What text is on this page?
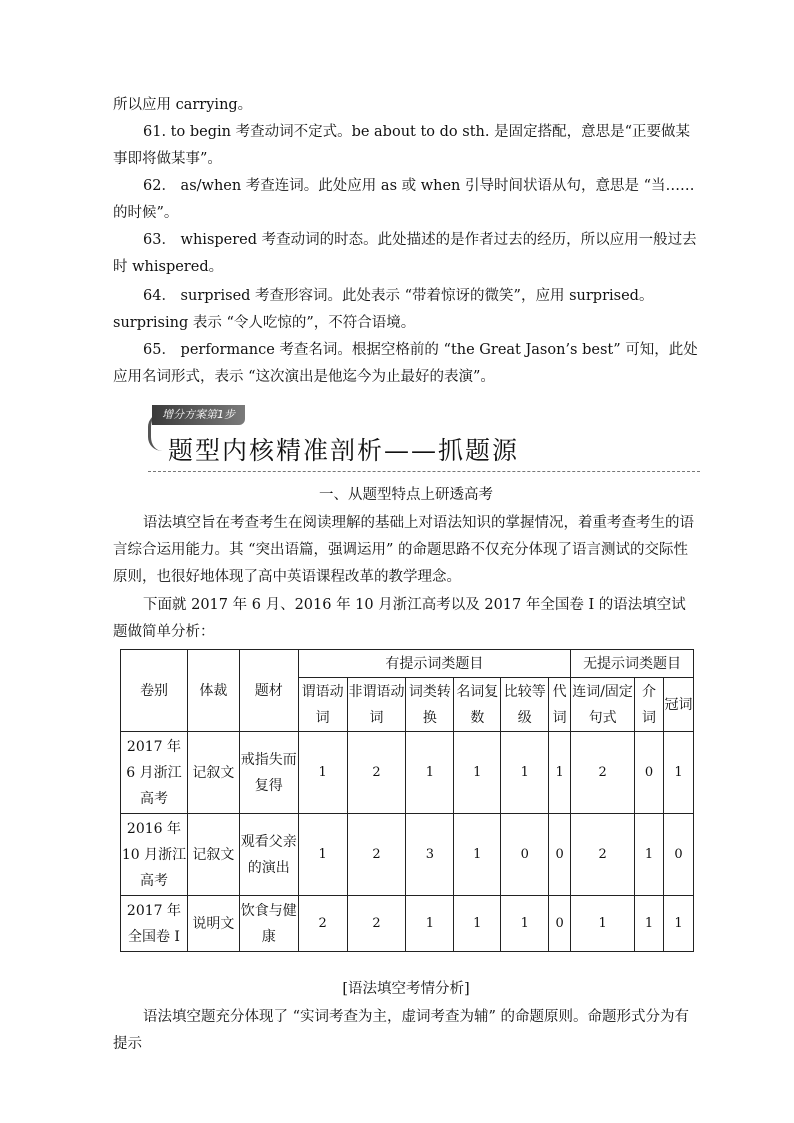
所以应用 carrying。
61. to begin 考查动词不定式。be about to do sth. 是固定搭配，意思是“正要做某事即将做某事”。
62． as/when 考查连词。此处应用 as 或 when 引导时间状语从句，意思是 “当……的时候”。
63． whispered 考查动词的时态。此处描述的是作者过去的经历，所以应用一般过去时 whispered。
64． surprised 考查形容词。此处表示 “带着惊讶的微笑”，应用 surprised。surprising 表示 “令人吃惊的”，不符合语境。
65． performance 考查名词。根据空格前的 “the Great Jason’s best” 可知，此处应用名词形式，表示 “这次演出是他迄今为止最好的表演”。
增分方案第1步
题型内核精准剖析——抓题源
一、从题型特点上研透高考
语法填空旨在考查考生在阅读理解的基础上对语法知识的掌握情况，着重考查考生的语言综合运用能力。其 “突出语篇，强调运用” 的命题思路不仅充分体现了语言测试的交际性原则，也很好地体现了高中英语课程改革的教学理念。
下面就 2017 年 6 月、2016 年 10 月浙江高考以及 2017 年全国卷 Ⅰ 的语法填空试题做简单分析：
卷别	体裁	题材	有提示词类题目						无提示词类题目		
			谓语动词	非谓语动词	词类转换	名词复数	比较等级	代词	连词/固定句式	介词	冠词
2017 年 6 月浙江高考	记叙文	戒指失而复得	1	2	1	1	1	1	2	0	1
2016 年 10 月浙江高考	记叙文	观看父亲的演出	1	2	3	1	0	0	2	1	0
2017 年全国卷 Ⅰ	说明文	饮食与健康	2	2	1	1	1	0	1	1	1
[语法填空考情分析]
语法填空题充分体现了 “实词考查为主，虚词考查为辅” 的命题原则。命题形式分为有提示
